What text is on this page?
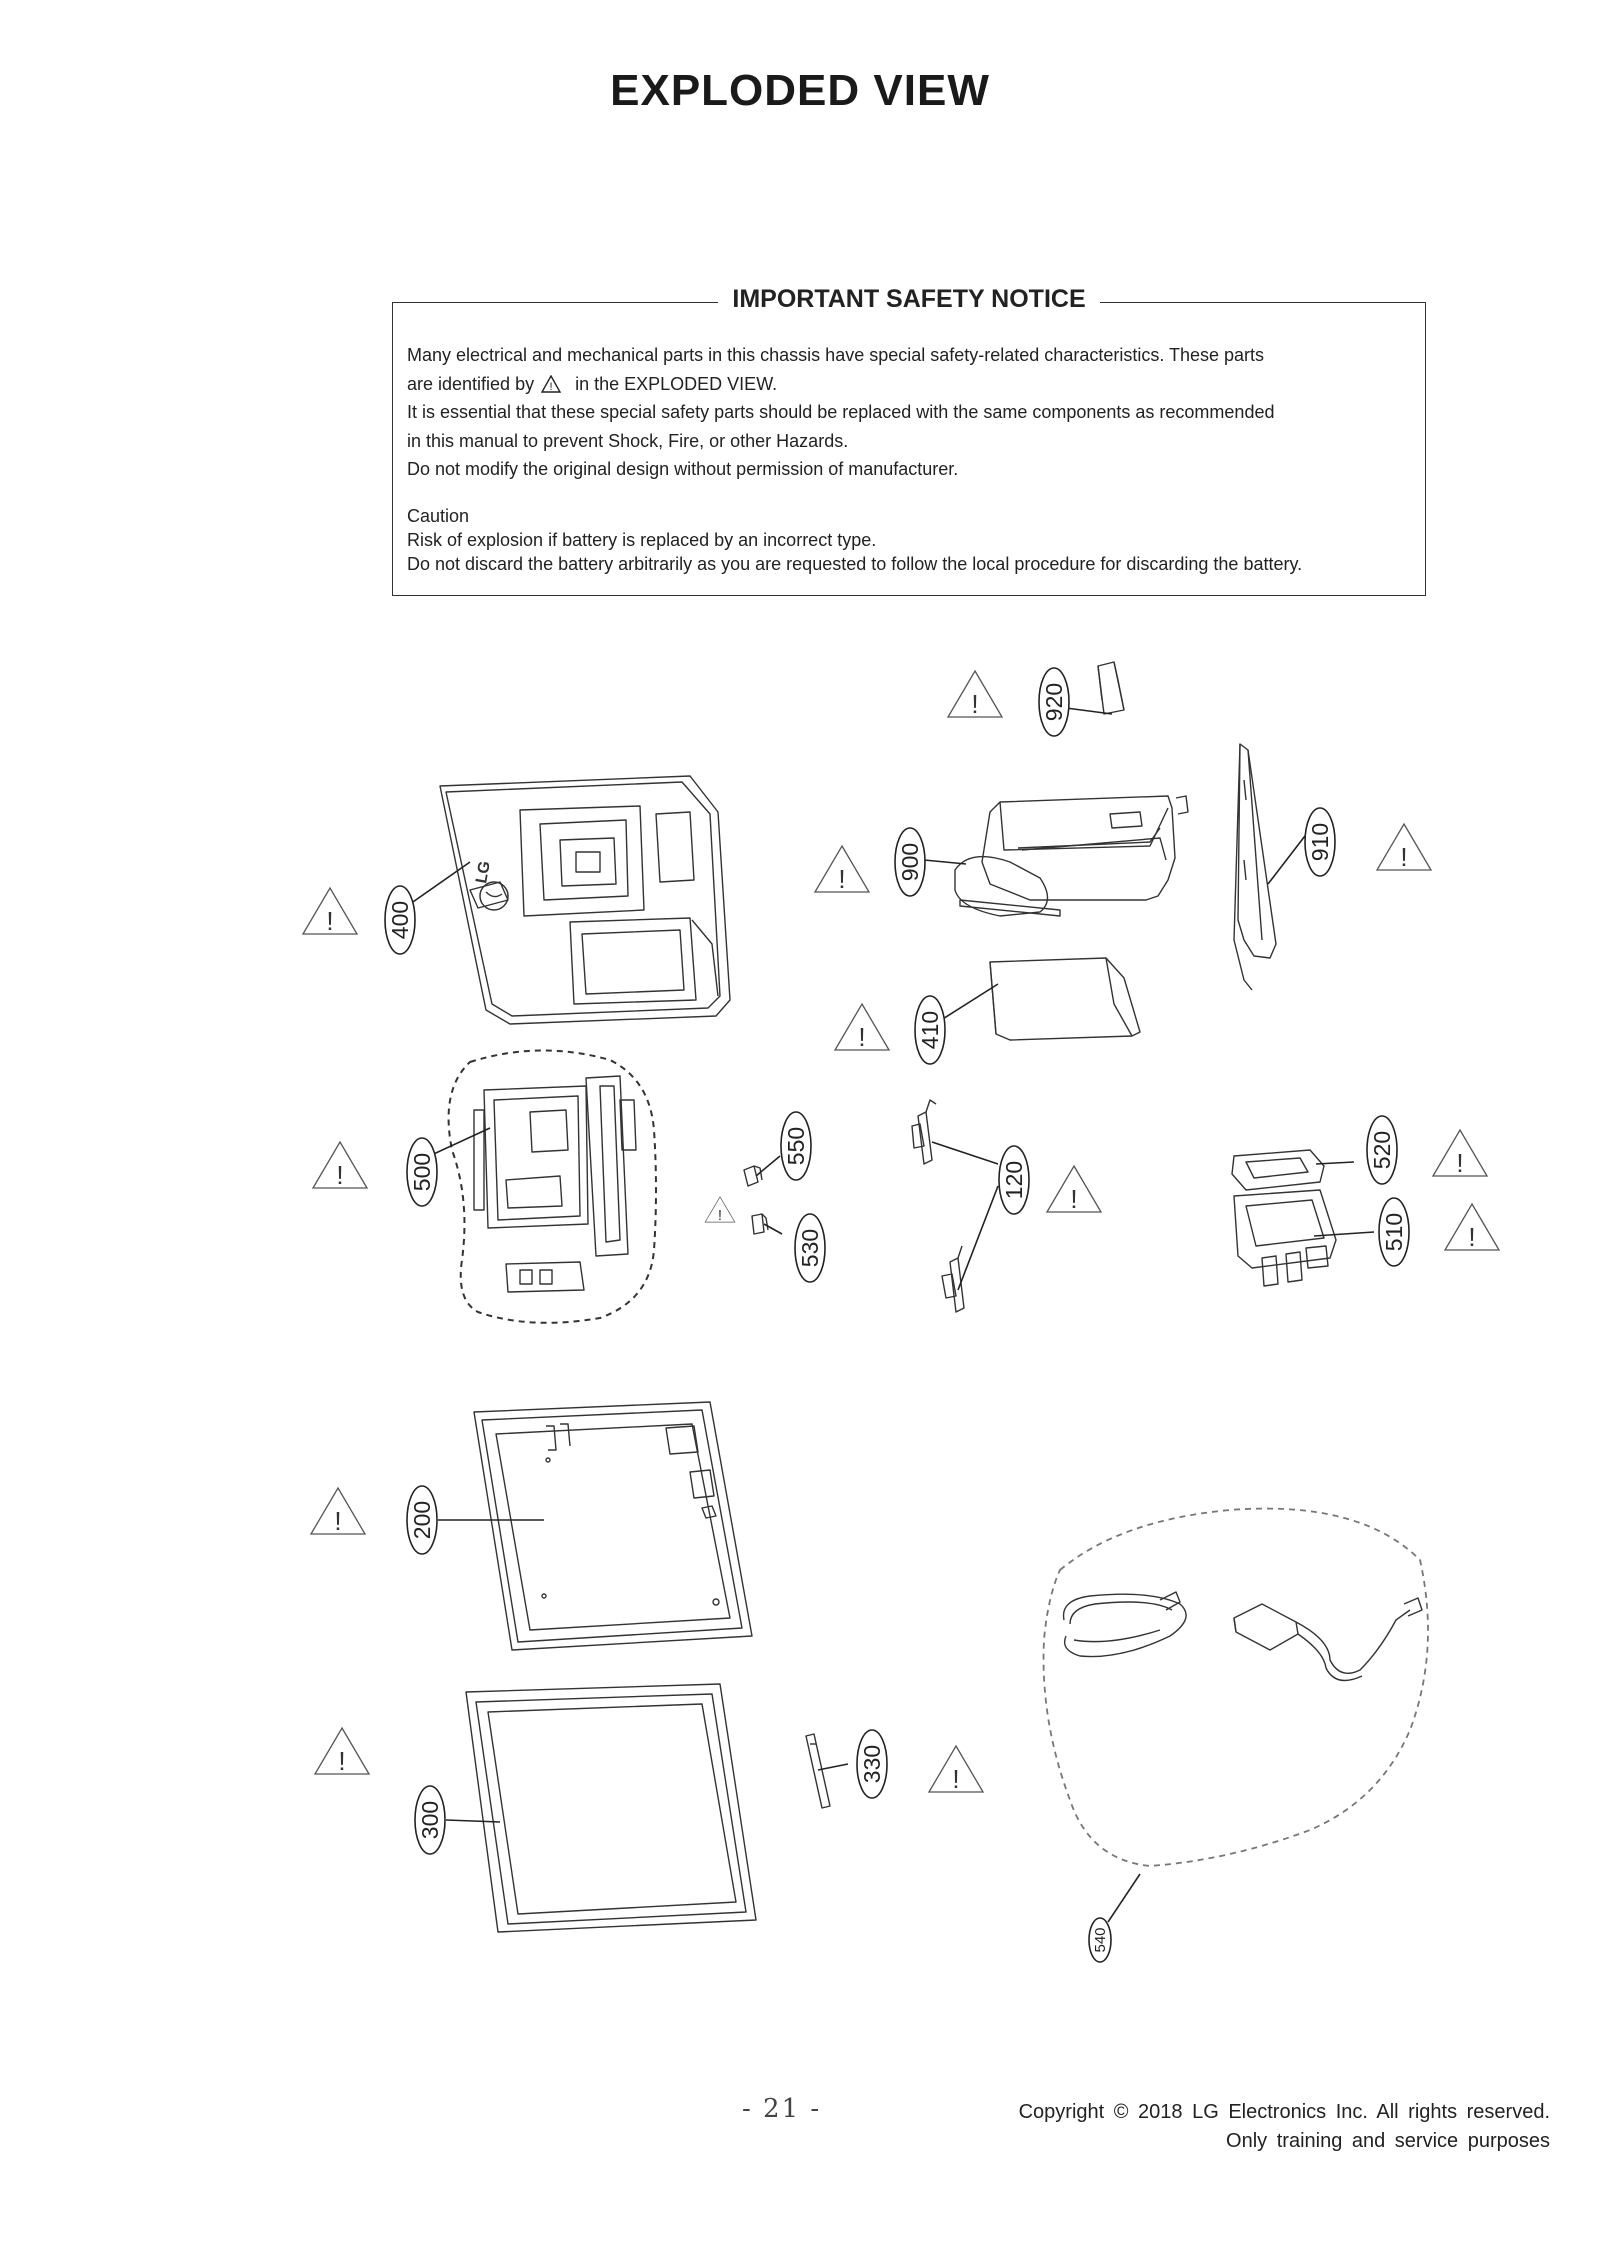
EXPLODED VIEW
IMPORTANT SAFETY NOTICE
Many electrical and mechanical parts in this chassis have special safety-related characteristics. These parts
are identified by ! in the EXPLODED VIEW.
It is essential that these special safety parts should be replaced with the same components as recommended
in this manual to prevent Shock, Fire, or other Hazards.
Do not modify the original design without permission of manufacturer.
Caution
Risk of explosion if battery is replaced by an incorrect type.
Do not discard the battery arbitrarily as you are requested to follow the local procedure for discarding the battery.
LG
920
900
910
400
410
500
550
530
120
520
510
200
300
330
540
!
!
!
!
!
!
!
!
!
!
!
!
!
- 21 -	Copyright © 2018 LG Electronics Inc. All rights reserved.
Only training and service purposes
